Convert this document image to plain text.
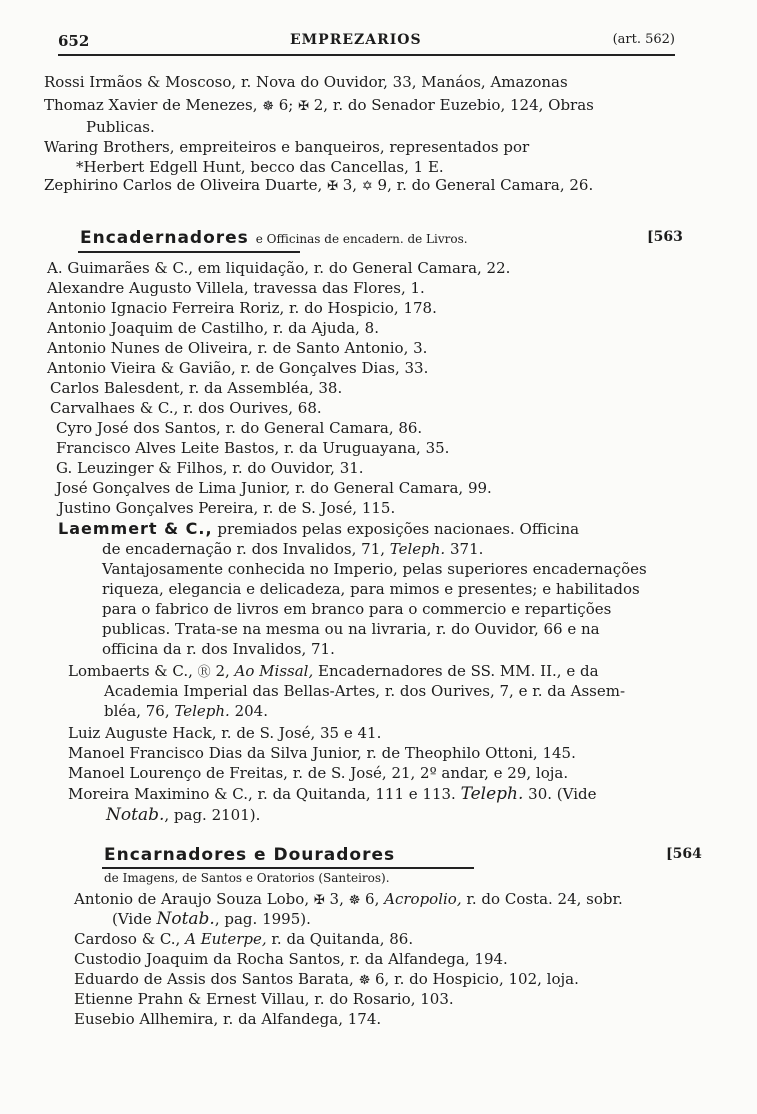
652	EMPREZARIOS	(art. 562)
Rossi Irmãos & Moscoso, r. Nova do Ouvidor, 33, Manáos, Amazonas
Thomaz Xavier de Menezes, ☸ 6; ✠ 2, r. do Senador Euzebio, 124, Obras
Publicas.
Waring Brothers, empreiteiros e banqueiros, representados por
*Herbert Edgell Hunt, becco das Cancellas, 1 E.
Zephirino Carlos de Oliveira Duarte, ✠ 3, ✡ 9, r. do General Camara, 26.
Encadernadores e Officinas de encadern. de Livros.	[563
A. Guimarães & C., em liquidação, r. do General Camara, 22.
Alexandre Augusto Villela, travessa das Flores, 1.
Antonio Ignacio Ferreira Roriz, r. do Hospicio, 178.
Antonio Joaquim de Castilho, r. da Ajuda, 8.
Antonio Nunes de Oliveira, r. de Santo Antonio, 3.
Antonio Vieira & Gavião, r. de Gonçalves Dias, 33.
Carlos Balesdent, r. da Assembléa, 38.
Carvalhaes & C., r. dos Ourives, 68.
Cyro José dos Santos, r. do General Camara, 86.
Francisco Alves Leite Bastos, r. da Uruguayana, 35.
G. Leuzinger & Filhos, r. do Ouvidor, 31.
José Gonçalves de Lima Junior, r. do General Camara, 99.
Justino Gonçalves Pereira, r. de S. José, 115.
Laemmert & C., premiados pelas exposições nacionaes. Officina
de encadernação r. dos Invalidos, 71, Teleph. 371.
Vantajosamente conhecida no Imperio, pelas superiores encadernações
riqueza, elegancia e delicadeza, para mimos e presentes; e habilitados
para o fabrico de livros em branco para o commercio e repartições
publicas. Trata-se na mesma ou na livraria, r. do Ouvidor, 66 e na
officina da r. dos Invalidos, 71.
Lombaerts & C., Ⓡ 2, Ao Missal, Encadernadores de SS. MM. II., e da
Academia Imperial das Bellas-Artes, r. dos Ourives, 7, e r. da Assem-
bléa, 76, Teleph. 204.
Luiz Auguste Hack, r. de S. José, 35 e 41.
Manoel Francisco Dias da Silva Junior, r. de Theophilo Ottoni, 145.
Manoel Lourenço de Freitas, r. de S. José, 21, 2º andar, e 29, loja.
Moreira Maximino & C., r. da Quitanda, 111 e 113. Teleph. 30. (Vide
Notab., pag. 2101).
Encarnadores e Douradores	[564
de Imagens, de Santos e Oratorios (Santeiros).
Antonio de Araujo Souza Lobo, ✠ 3, ☸ 6, Acropolio, r. do Costa. 24, sobr.
(Vide Notab., pag. 1995).
Cardoso & C., A Euterpe, r. da Quitanda, 86.
Custodio Joaquim da Rocha Santos, r. da Alfandega, 194.
Eduardo de Assis dos Santos Barata, ☸ 6, r. do Hospicio, 102, loja.
Etienne Prahn & Ernest Villau, r. do Rosario, 103.
Eusebio Allhemira, r. da Alfandega, 174.
